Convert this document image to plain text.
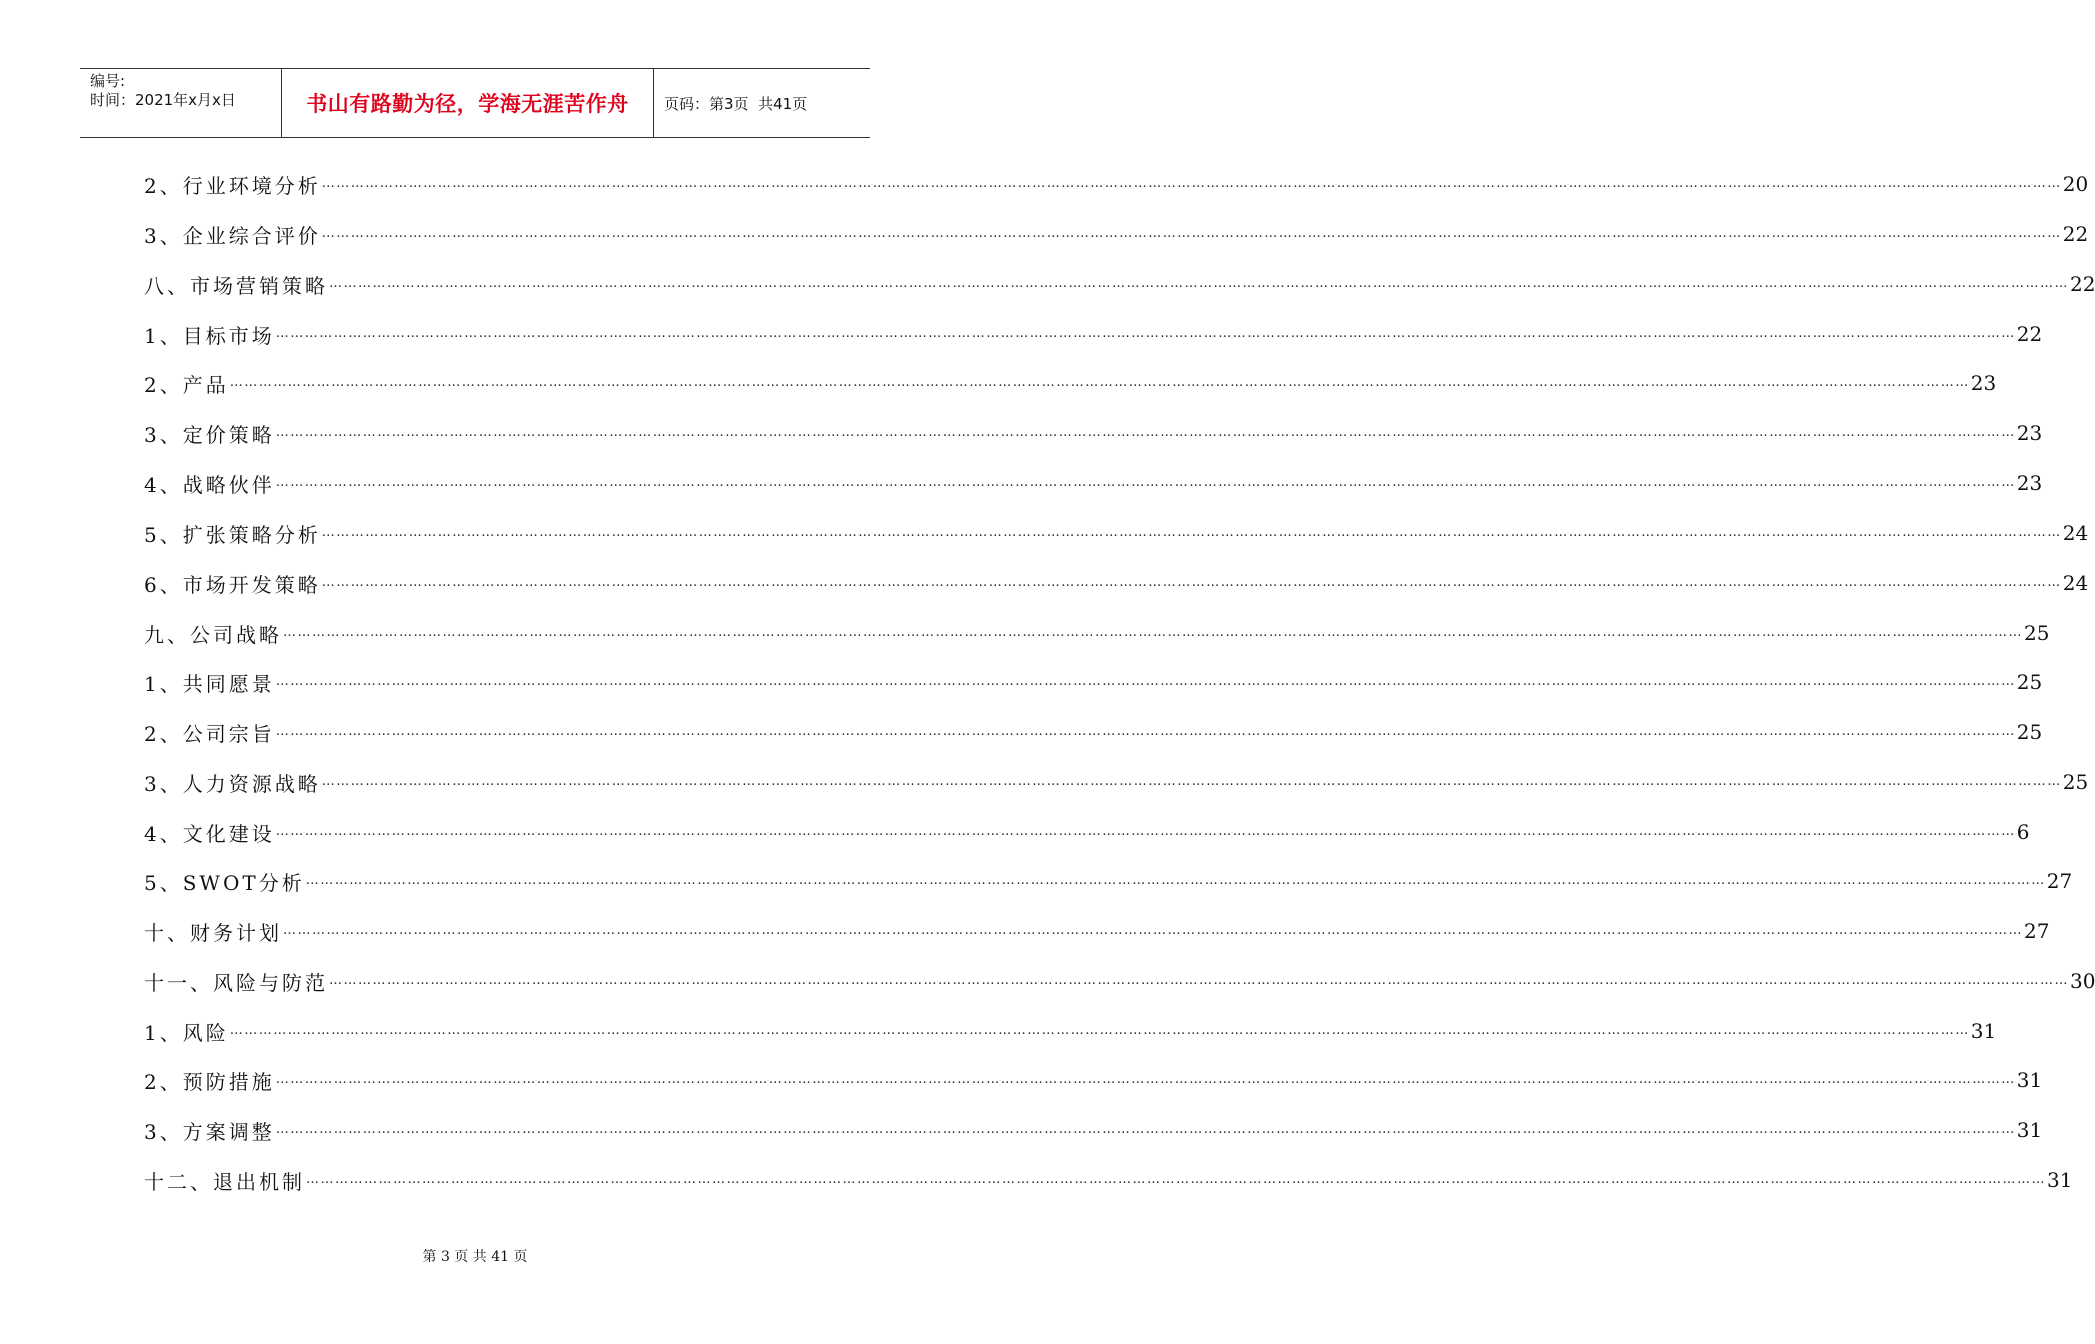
编号:
时间：2021年x月x日	书山有路勤为径，学海无涯苦作舟	页码：第3页  共41页
2、行业环境分析 ……………………………………………………………………………………………………………………………………………………………………………………………………………………………………………………………………………………………………………………………… 20
3、企业综合评价 ……………………………………………………………………………………………………………………………………………………………………………………………………………………………………………………………………………………………………………………………… 22
八、市场营销策略 ……………………………………………………………………………………………………………………………………………………………………………………………………………………………………………………………………………………………………………………………… 22
1、目标市场 ……………………………………………………………………………………………………………………………………………………………………………………………………………………………………………………………………………………………………………………………… 22
2、产品 ……………………………………………………………………………………………………………………………………………………………………………………………………………………………………………………………………………………………………………………………… 23
3、定价策略 ……………………………………………………………………………………………………………………………………………………………………………………………………………………………………………………………………………………………………………………………… 23
4、战略伙伴 ……………………………………………………………………………………………………………………………………………………………………………………………………………………………………………………………………………………………………………………………… 23
5、扩张策略分析 ……………………………………………………………………………………………………………………………………………………………………………………………………………………………………………………………………………………………………………………………… 24
6、市场开发策略 ……………………………………………………………………………………………………………………………………………………………………………………………………………………………………………………………………………………………………………………………… 24
九、公司战略 ……………………………………………………………………………………………………………………………………………………………………………………………………………………………………………………………………………………………………………………………… 25
1、共同愿景 ……………………………………………………………………………………………………………………………………………………………………………………………………………………………………………………………………………………………………………………………… 25
2、公司宗旨 ……………………………………………………………………………………………………………………………………………………………………………………………………………………………………………………………………………………………………………………………… 25
3、人力资源战略 ……………………………………………………………………………………………………………………………………………………………………………………………………………………………………………………………………………………………………………………………… 25
4、文化建设 ……………………………………………………………………………………………………………………………………………………………………………………………………………………………………………………………………………………………………………………………… 6
5、SWOT分析 ……………………………………………………………………………………………………………………………………………………………………………………………………………………………………………………………………………………………………………………………… 27
十、财务计划 ……………………………………………………………………………………………………………………………………………………………………………………………………………………………………………………………………………………………………………………………… 27
十一、风险与防范 ……………………………………………………………………………………………………………………………………………………………………………………………………………………………………………………………………………………………………………………………… 30
1、风险 ……………………………………………………………………………………………………………………………………………………………………………………………………………………………………………………………………………………………………………………………… 31
2、预防措施 ……………………………………………………………………………………………………………………………………………………………………………………………………………………………………………………………………………………………………………………………… 31
3、方案调整 ……………………………………………………………………………………………………………………………………………………………………………………………………………………………………………………………………………………………………………………………… 31
十二、退出机制 ……………………………………………………………………………………………………………………………………………………………………………………………………………………………………………………………………………………………………………………………… 31
第 3 页 共 41 页
